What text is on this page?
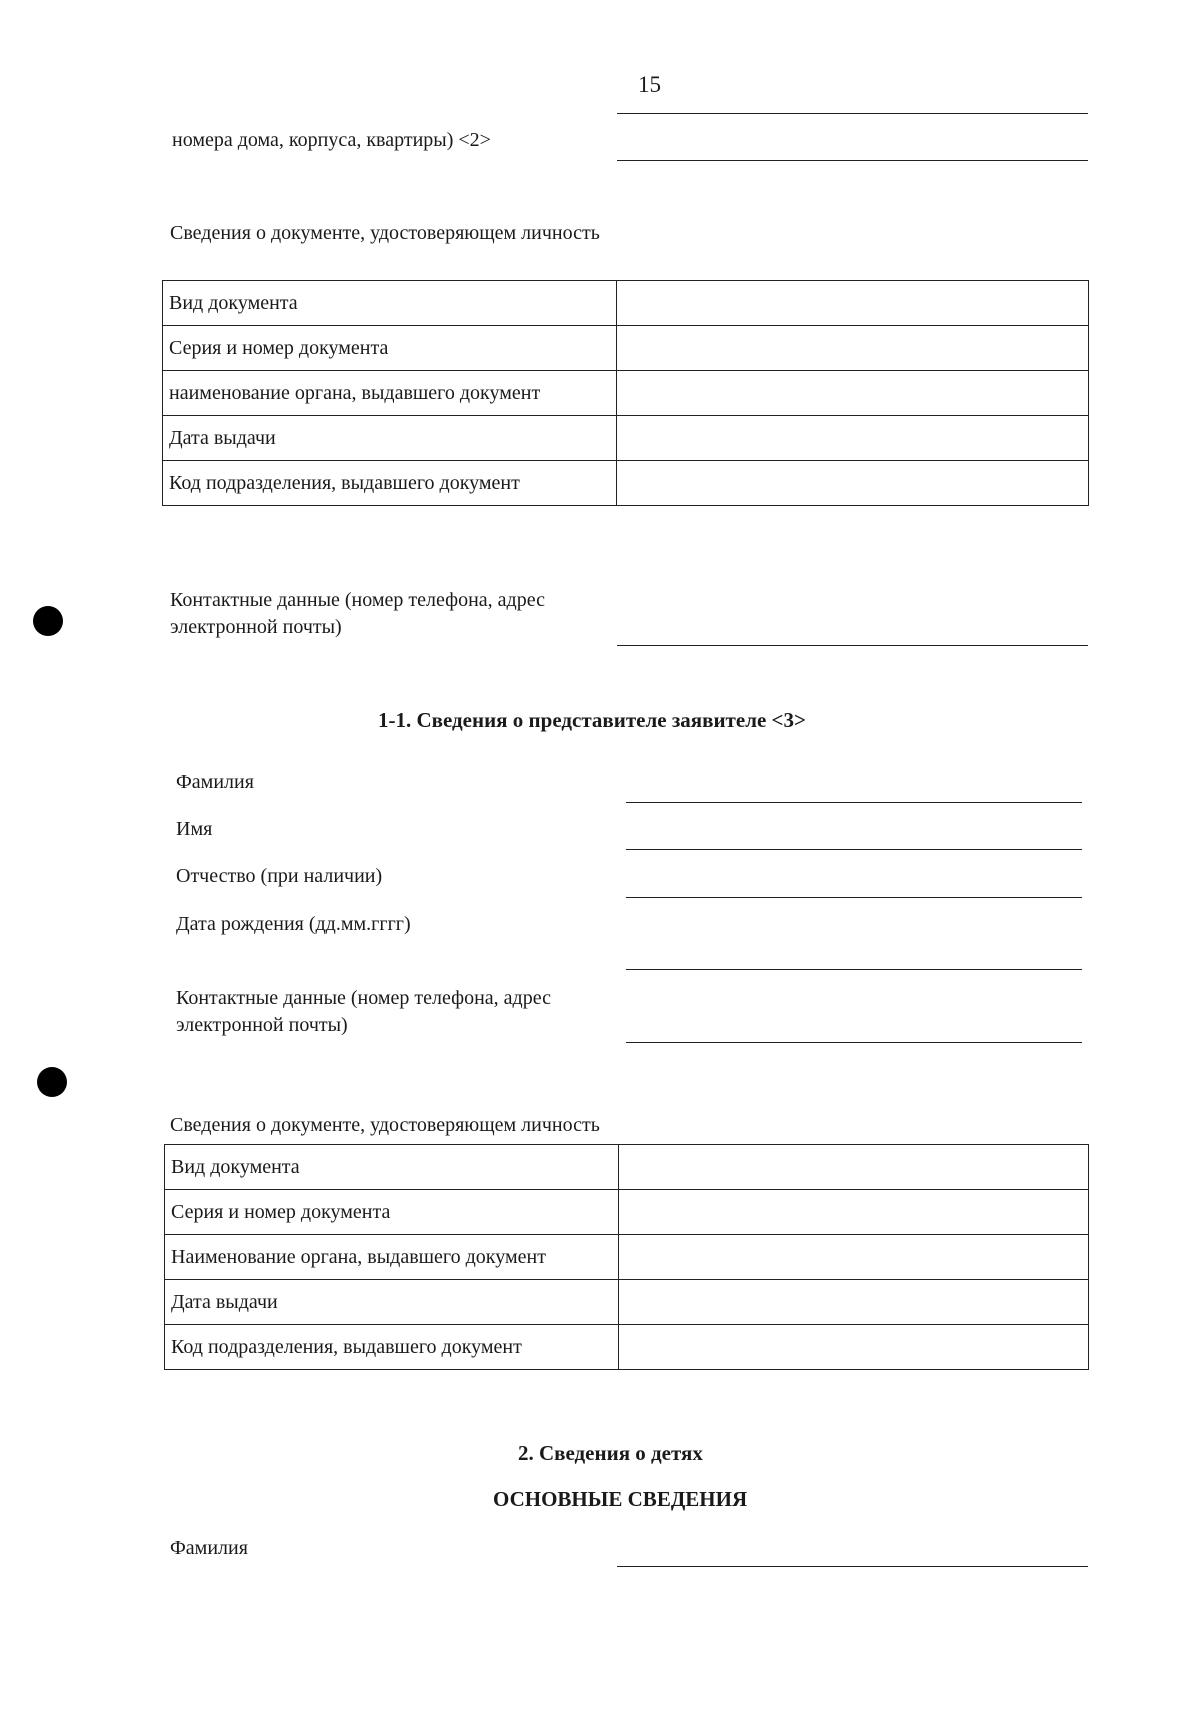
15
номера дома, корпуса, квартиры) <2>
Сведения о документе, удостоверяющем личность
Вид документа	
Серия и номер документа	
наименование органа, выдавшего документ	
Дата выдачи	
Код подразделения, выдавшего документ	
Контактные данные (номер телефона, адрес
электронной почты)
1-1. Сведения о представителе заявителе <3>
Фамилия
Имя
Отчество (при наличии)
Дата рождения (дд.мм.гггг)
Контактные данные (номер телефона, адрес
электронной почты)
Сведения о документе, удостоверяющем личность
Вид документа	
Серия и номер документа	
Наименование органа, выдавшего документ	
Дата выдачи	
Код подразделения, выдавшего документ	
2. Сведения о детях
ОСНОВНЫЕ СВЕДЕНИЯ
Фамилия
